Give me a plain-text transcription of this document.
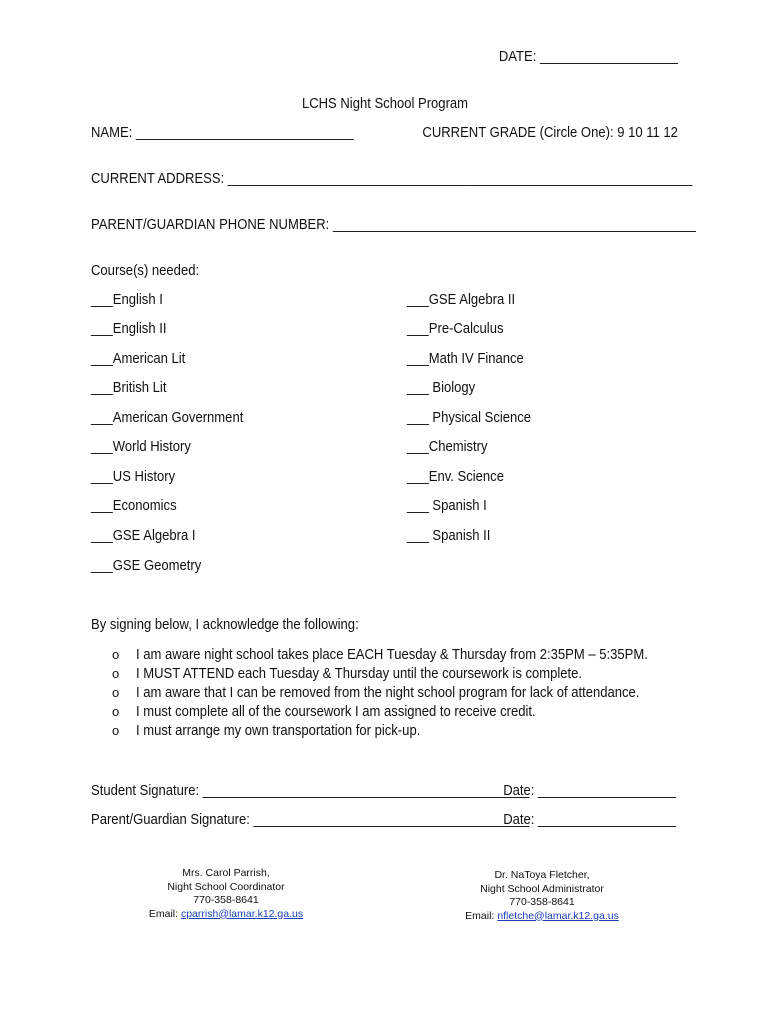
DATE: ___________________
LCHS Night School Program
NAME: ______________________________	CURRENT GRADE (Circle One): 9 10 11 12
CURRENT ADDRESS: ________________________________________________________________
PARENT/GUARDIAN PHONE NUMBER: __________________________________________________
Course(s) needed:
___English I
___English II
___American Lit
___British Lit
___American Government
___World History
___US History
___Economics
___GSE Algebra I
___GSE Geometry
___GSE Algebra II
___Pre-Calculus
___Math IV Finance
___ Biology
___ Physical Science
___Chemistry
___Env. Science
___ Spanish I
___ Spanish II
By signing below, I acknowledge the following:
o I am aware night school takes place EACH Tuesday & Thursday from 2:35PM – 5:35PM.
o I MUST ATTEND each Tuesday & Thursday until the coursework is complete.
o I am aware that I can be removed from the night school program for lack of attendance.
o I must complete all of the coursework I am assigned to receive credit.
o I must arrange my own transportation for pick-up.
Student Signature: _____________________________________________
Date: ___________________
Parent/Guardian Signature: ______________________________________
Date: ___________________
Mrs. Carol Parrish,
Night School Coordinator
770-358-8641
Email: cparrish@lamar.k12.ga.us
Dr. NaToya Fletcher,
Night School Administrator
770-358-8641
Email: nfletche@lamar.k12.ga.us
